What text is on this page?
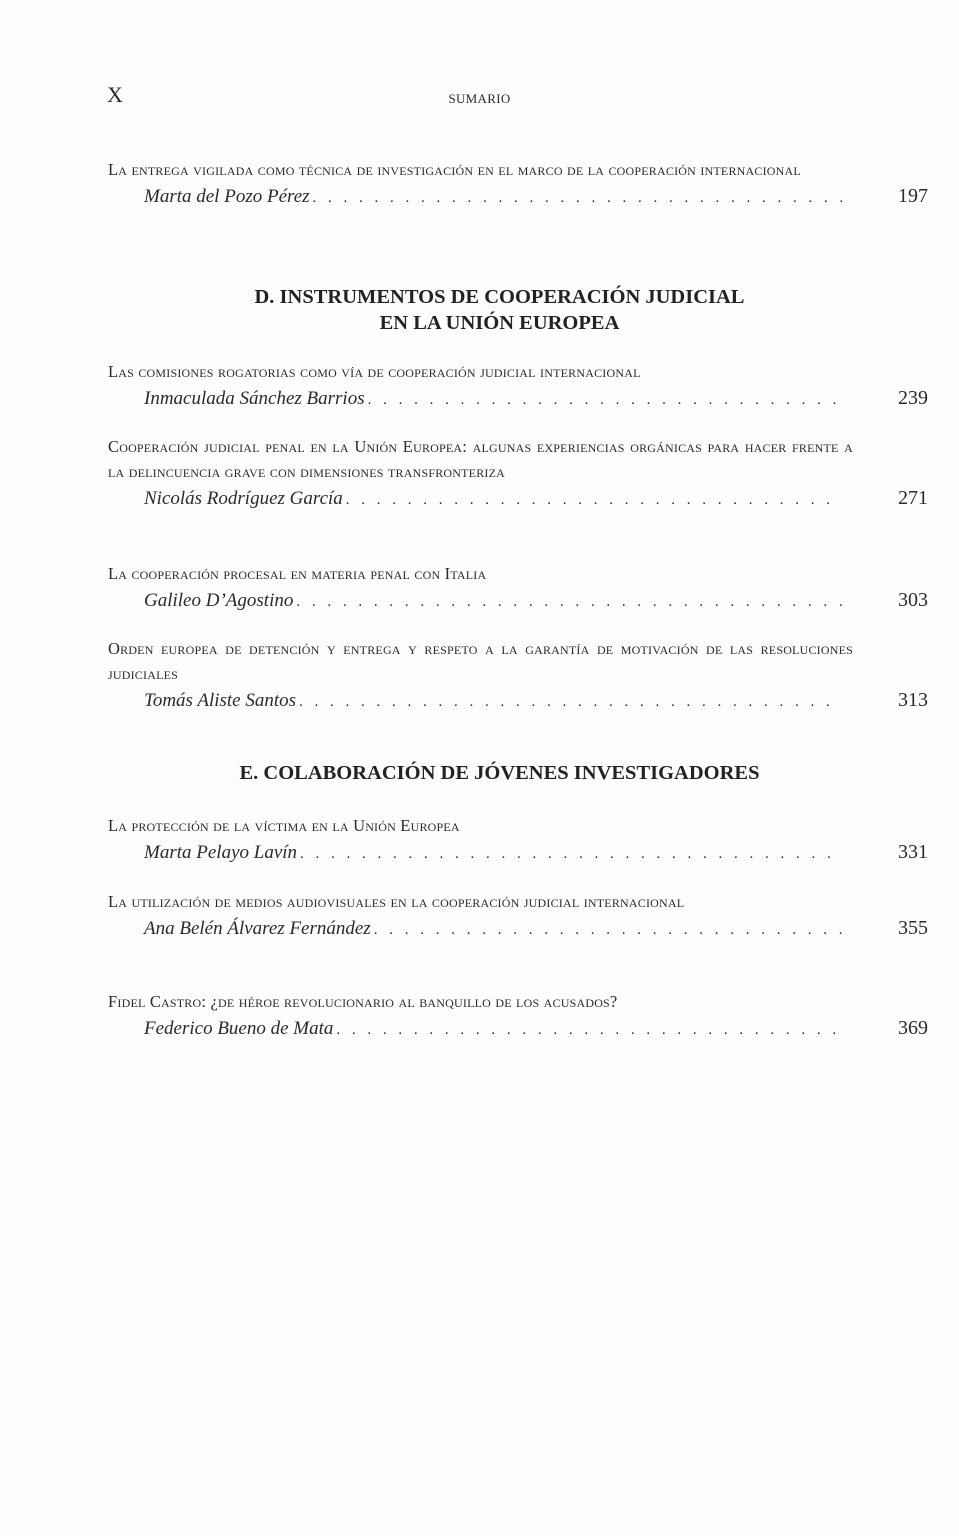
X	SUMARIO
La entrega vigilada como técnica de investigación en el marco de la cooperación internacional
Marta del Pozo Pérez . . .	197
D. INSTRUMENTOS DE COOPERACIÓN JUDICIAL
EN LA UNIÓN EUROPEA
Las comisiones rogatorias como vía de cooperación judicial internacional
Inmaculada Sánchez Barrios . . .	239
Cooperación judicial penal en la Unión Europea: algunas experiencias orgánicas para hacer frente a la delincuencia grave con dimensiones transfronteriza
Nicolás Rodríguez García . . .	271
La cooperación procesal en materia penal con Italia
Galileo D’Agostino . . .	303
Orden europea de detención y entrega y respeto a la garantía de motivación de las resoluciones judiciales
Tomás Aliste Santos . . .	313
E. COLABORACIÓN DE JÓVENES INVESTIGADORES
La protección de la víctima en la Unión Europea
Marta Pelayo Lavín . . .	331
La utilización de medios audiovisuales en la cooperación judicial internacional
Ana Belén Álvarez Fernández . . .	355
Fidel Castro: ¿de héroe revolucionario al banquillo de los acusados?
Federico Bueno de Mata . . .	369
